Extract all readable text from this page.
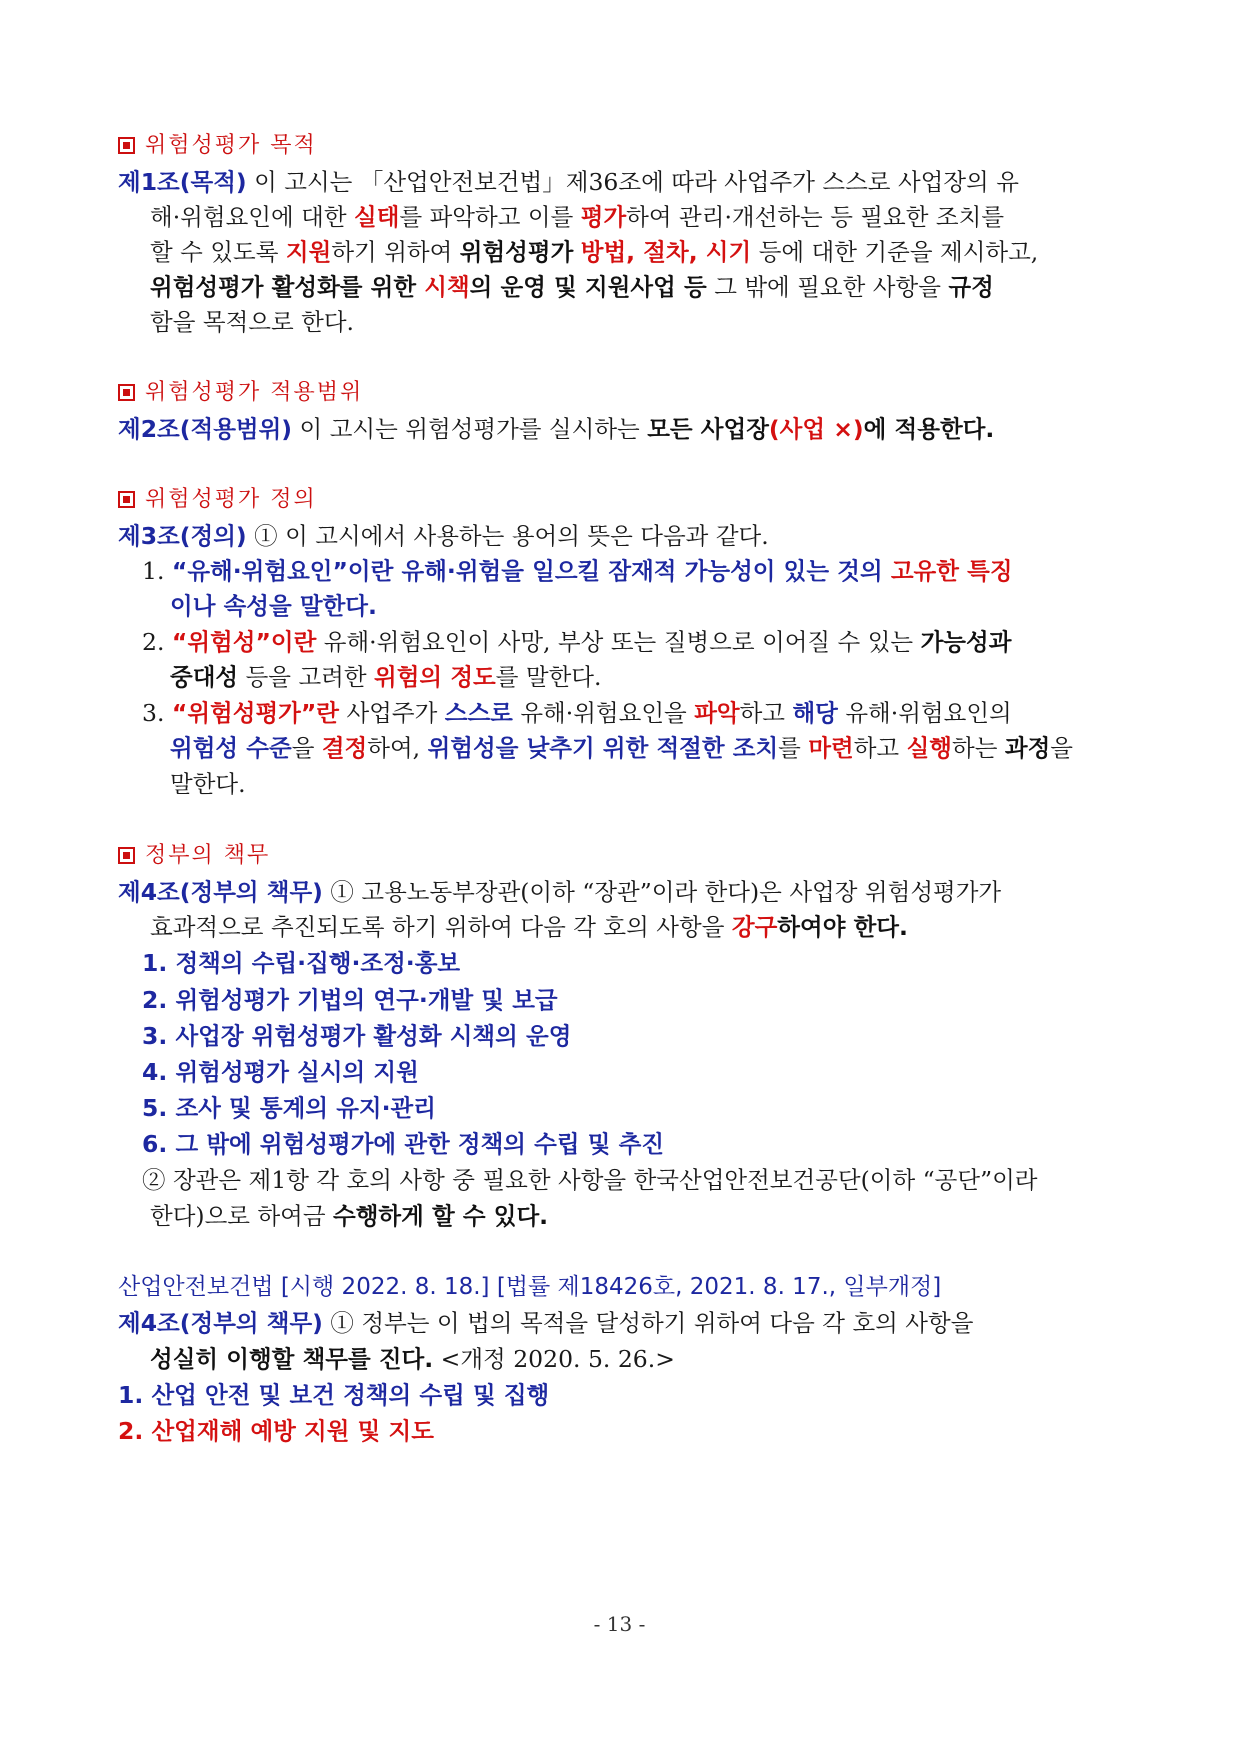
위험성평가 목적
제1조(목적) 이 고시는 「산업안전보건법」제36조에 따라 사업주가 스스로 사업장의 유
해·위험요인에 대한 실태를 파악하고 이를 평가하여 관리·개선하는 등 필요한 조치를
할 수 있도록 지원하기 위하여 위험성평가 방법, 절차, 시기 등에 대한 기준을 제시하고,
위험성평가 활성화를 위한 시책의 운영 및 지원사업 등 그 밖에 필요한 사항을 규정
함을 목적으로 한다.
위험성평가 적용범위
제2조(적용범위) 이 고시는 위험성평가를 실시하는 모든 사업장(사업 ×)에 적용한다.
위험성평가 정의
제3조(정의) ① 이 고시에서 사용하는 용어의 뜻은 다음과 같다.
1. “유해·위험요인”이란 유해·위험을 일으킬 잠재적 가능성이 있는 것의 고유한 특징
이나 속성을 말한다.
2. “위험성”이란 유해·위험요인이 사망, 부상 또는 질병으로 이어질 수 있는 가능성과
중대성 등을 고려한 위험의 정도를 말한다.
3. “위험성평가”란 사업주가 스스로 유해·위험요인을 파악하고 해당 유해·위험요인의
위험성 수준을 결정하여, 위험성을 낮추기 위한 적절한 조치를 마련하고 실행하는 과정을
말한다.
정부의 책무
제4조(정부의 책무) ① 고용노동부장관(이하 “장관”이라 한다)은 사업장 위험성평가가
효과적으로 추진되도록 하기 위하여 다음 각 호의 사항을 강구하여야 한다.
1. 정책의 수립·집행·조정·홍보
2. 위험성평가 기법의 연구·개발 및 보급
3. 사업장 위험성평가 활성화 시책의 운영
4. 위험성평가 실시의 지원
5. 조사 및 통계의 유지·관리
6. 그 밖에 위험성평가에 관한 정책의 수립 및 추진
② 장관은 제1항 각 호의 사항 중 필요한 사항을 한국산업안전보건공단(이하 “공단”이라
한다)으로 하여금 수행하게 할 수 있다.
산업안전보건법 [시행 2022. 8. 18.] [법률 제18426호, 2021. 8. 17., 일부개정]
제4조(정부의 책무) ① 정부는 이 법의 목적을 달성하기 위하여 다음 각 호의 사항을
성실히 이행할 책무를 진다. <개정 2020. 5. 26.>
1. 산업 안전 및 보건 정책의 수립 및 집행
2. 산업재해 예방 지원 및 지도
- 13 -
